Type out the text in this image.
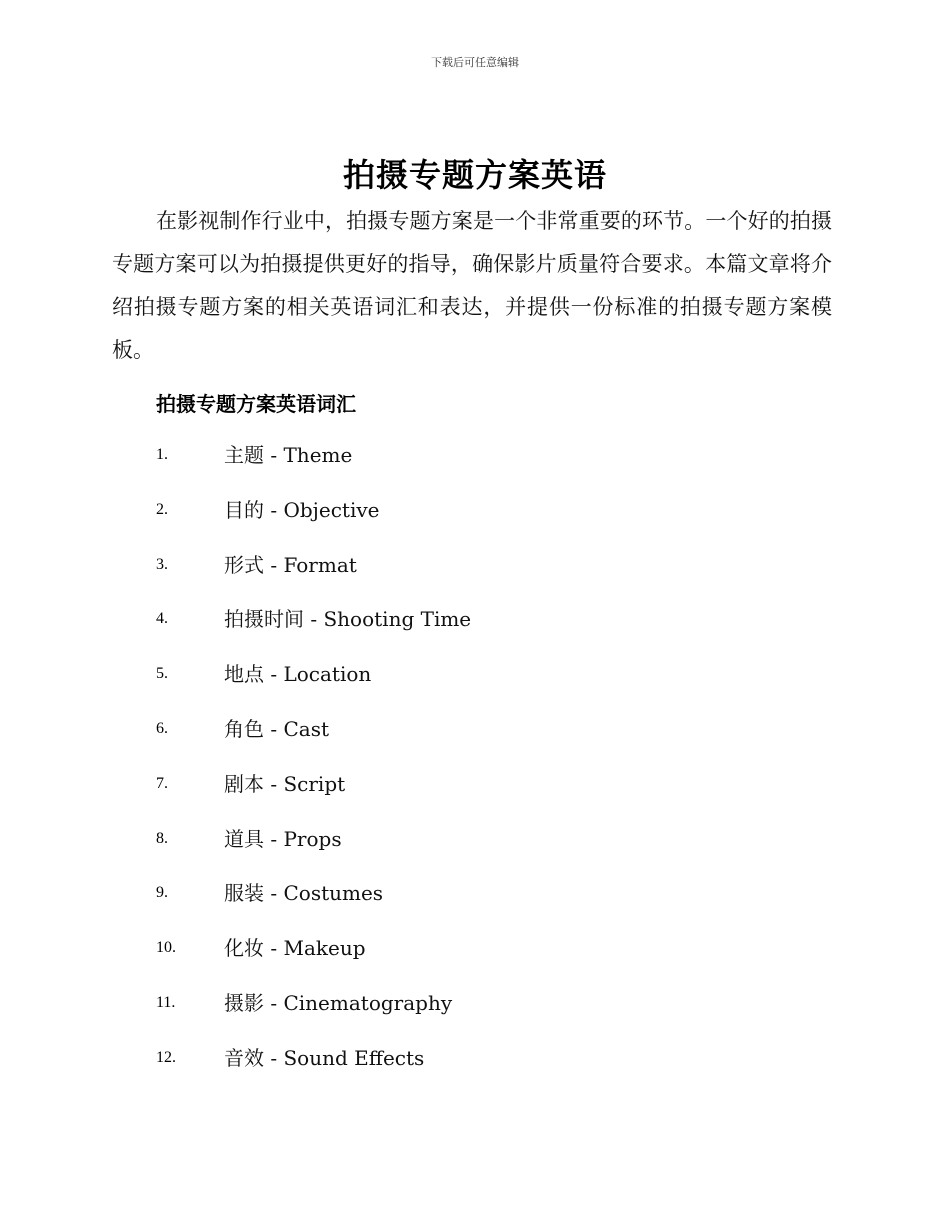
下载后可任意编辑
拍摄专题方案英语

在影视制作行业中，拍摄专题方案是一个非常重要的环节。一个好的拍摄专题方案可以为拍摄提供更好的指导，确保影片质量符合要求。本篇文章将介绍拍摄专题方案的相关英语词汇和表达，并提供一份标准的拍摄专题方案模板。

拍摄专题方案英语词汇
1.	主题 - Theme
2.	目的 - Objective
3.	形式 - Format
4.	拍摄时间 - Shooting Time
5.	地点 - Location
6.	角色 - Cast
7.	剧本 - Script
8.	道具 - Props
9.	服装 - Costumes
10.	化妆 - Makeup
11.	摄影 - Cinematography
12.	音效 - Sound Effects
